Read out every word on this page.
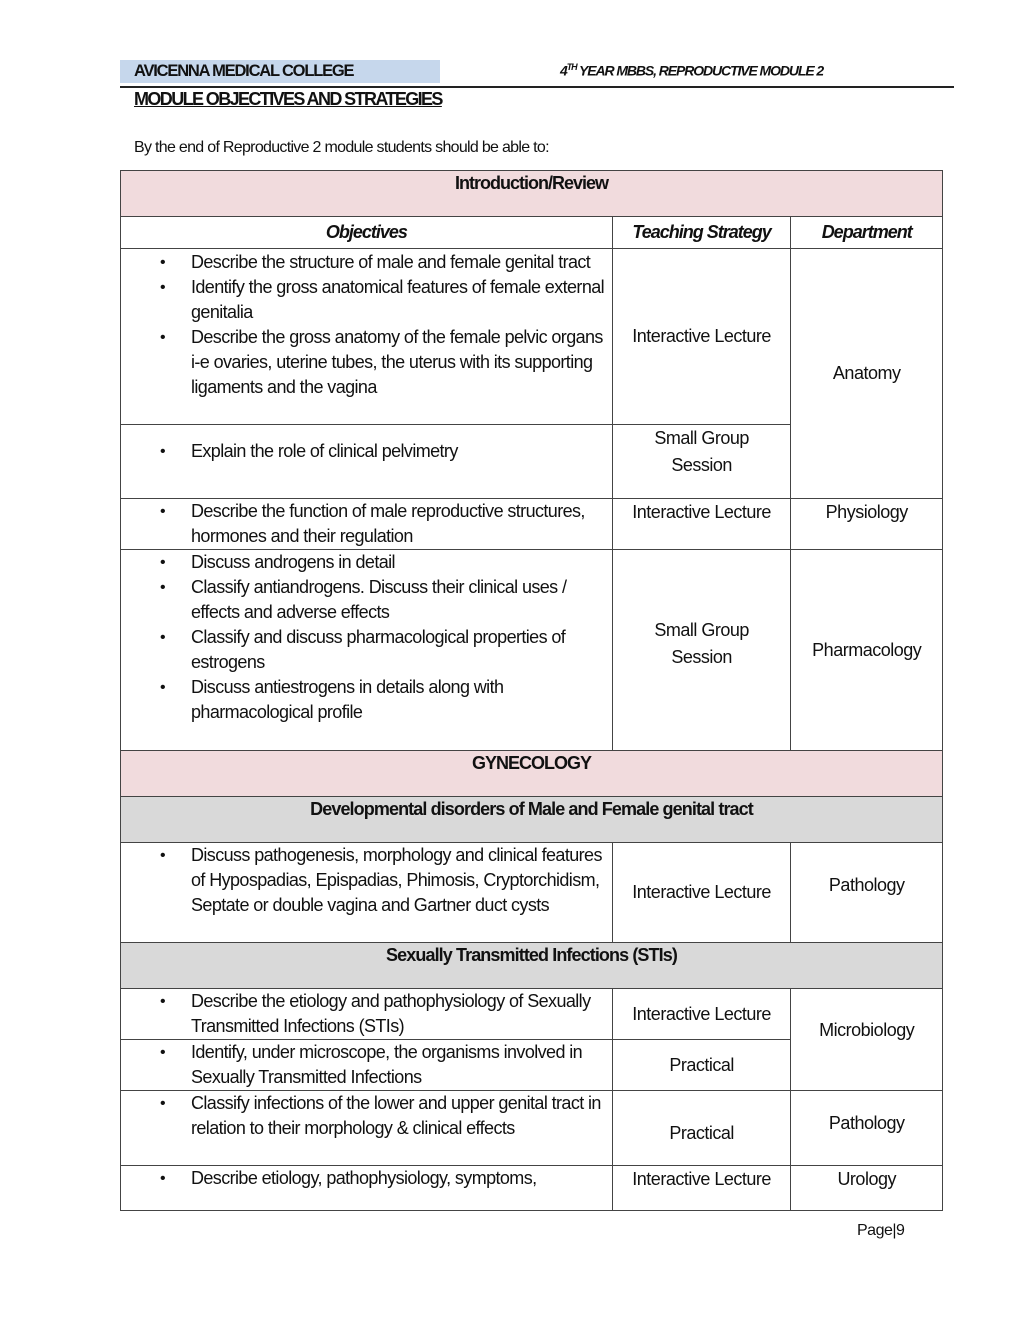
AVICENNA MEDICAL COLLEGE	4TH YEAR MBBS, REPRODUCTIVE MODULE 2
MODULE OBJECTIVES AND STRATEGIES
By the end of Reproductive 2 module students should be able to:
Introduction/Review		
Objectives	Teaching Strategy	Department

• Describe the structure of male and female genital tract
• Identify the gross anatomical features of female external genitalia
• Describe the gross anatomy of the female pelvic organs i-e ovaries, uterine tubes, the uterus with its supporting ligaments and the vagina
	Interactive Lecture	Anatomy

• Explain the role of clinical pelvimetry
	Small Group Session

• Describe the function of male reproductive structures, hormones and their regulation
	Interactive Lecture	Physiology

• Discuss androgens in detail
• Classify antiandrogens. Discuss their clinical uses / effects and adverse effects
• Classify and discuss pharmacological properties of estrogens
• Discuss antiestrogens in details along with pharmacological profile
	Small Group Session	Pharmacology
GYNECOLOGY		
Developmental disorders of Male and Female genital tract		

• Discuss pathogenesis, morphology and clinical features of Hypospadias, Epispadias, Phimosis, Cryptorchidism, Septate or double vagina and Gartner duct cysts
	Interactive Lecture	Pathology
Sexually Transmitted Infections (STIs)		

• Describe the etiology and pathophysiology of Sexually Transmitted Infections (STIs)
	Interactive Lecture	Microbiology

• Identify, under microscope, the organisms involved in Sexually Transmitted Infections
	Practical

• Classify infections of the lower and upper genital tract in relation to their morphology & clinical effects	Practical	Pathology

• Describe etiology, pathophysiology, symptoms,	Interactive Lecture	Urology
Page|9
